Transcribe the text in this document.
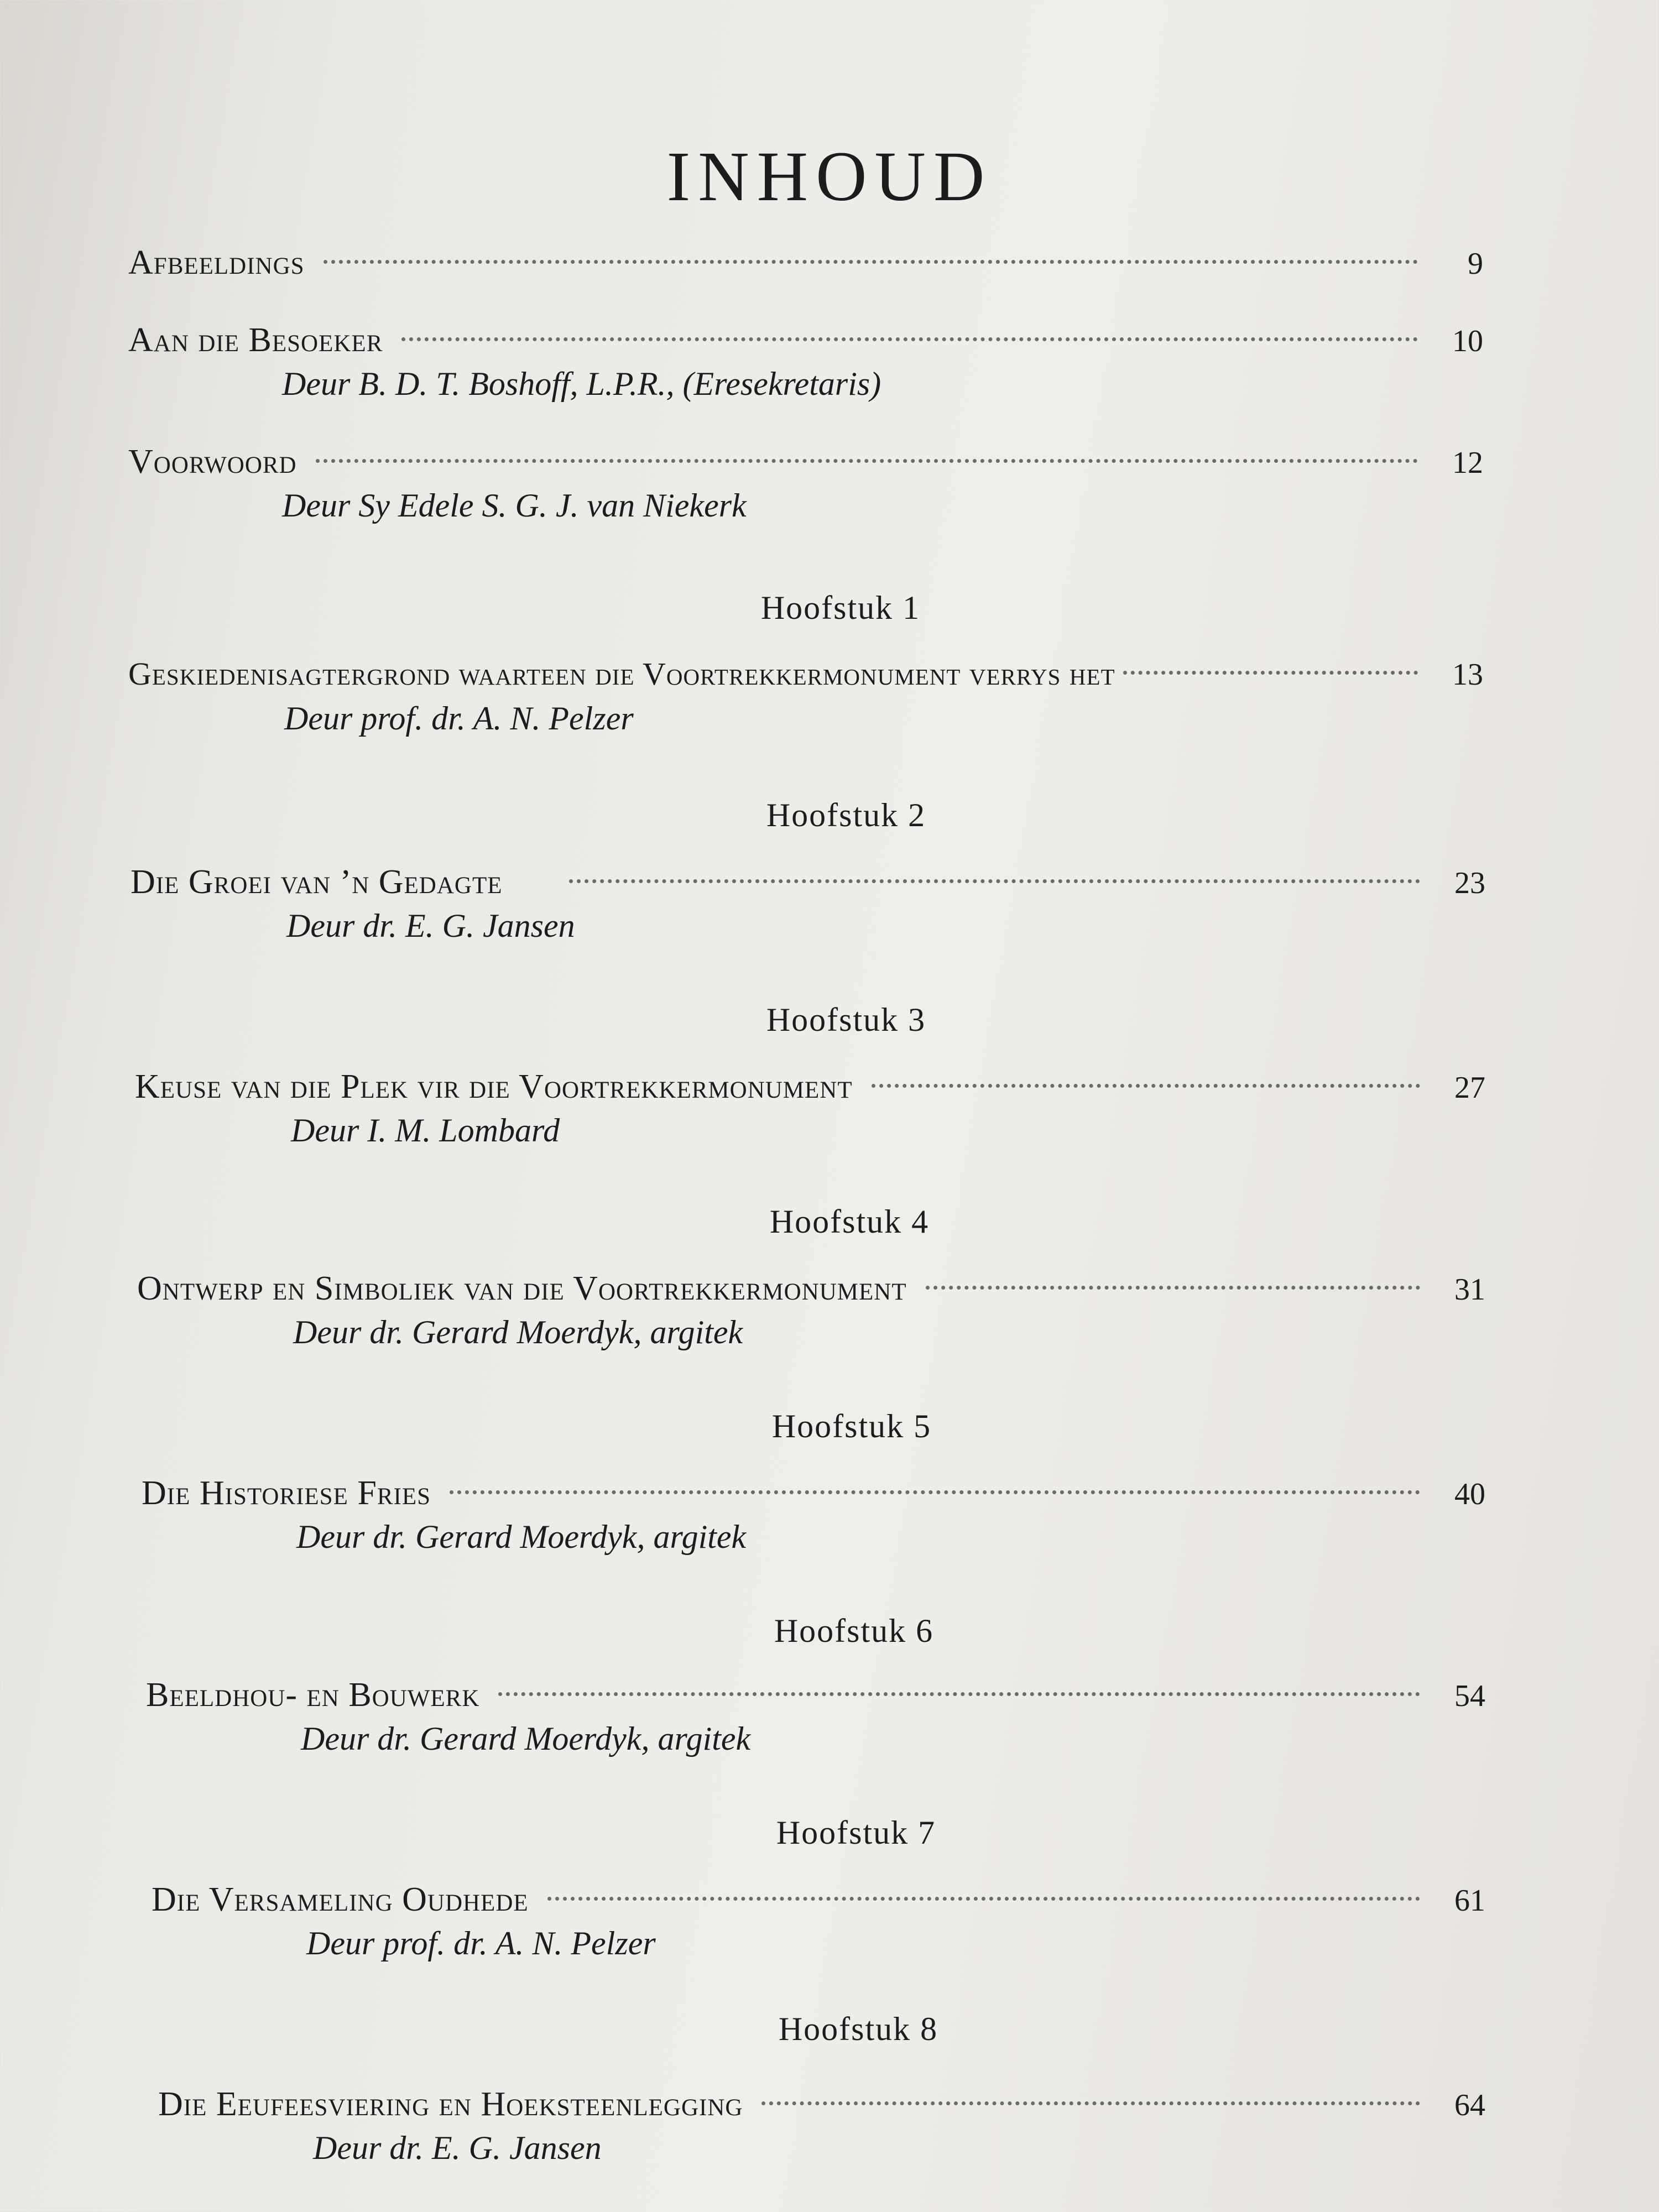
INHOUD
Afbeeldings	9
Aan die Besoeker	10
Deur B. D. T. Boshoff, L.P.R., (Eresekretaris)
Voorwoord	12
Deur Sy Edele S. G. J. van Niekerk
Hoofstuk 1
Geskiedenisagtergrond waarteen die Voortrekkermonument verrys het	13
Deur prof. dr. A. N. Pelzer
Hoofstuk 2
Die Groei van ’n Gedagte	23
Deur dr. E. G. Jansen
Hoofstuk 3
Keuse van die Plek vir die Voortrekkermonument	27
Deur I. M. Lombard
Hoofstuk 4
Ontwerp en Simboliek van die Voortrekkermonument	31
Deur dr. Gerard Moerdyk, argitek
Hoofstuk 5
Die Historiese Fries	40
Deur dr. Gerard Moerdyk, argitek
Hoofstuk 6
Beeldhou- en Bouwerk	54
Deur dr. Gerard Moerdyk, argitek
Hoofstuk 7
Die Versameling Oudhede	61
Deur prof. dr. A. N. Pelzer
Hoofstuk 8
Die Eeufeesviering en Hoeksteenlegging	64
Deur dr. E. G. Jansen
